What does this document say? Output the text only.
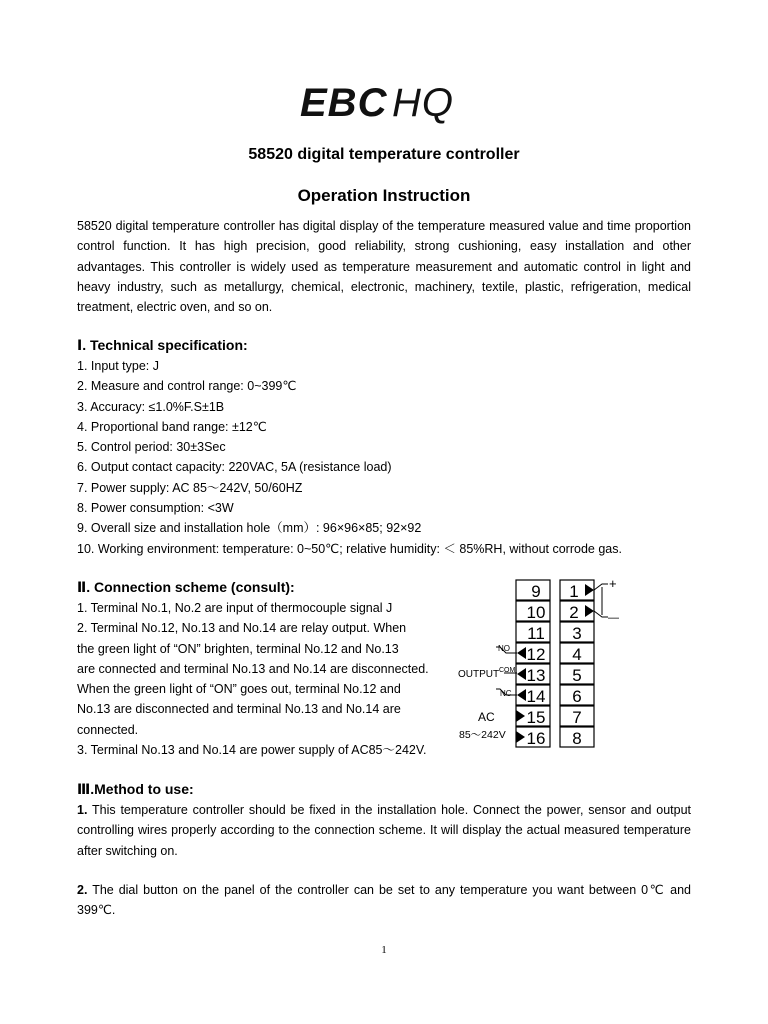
EBC HQ
58520 digital temperature controller
Operation Instruction
58520 digital temperature controller has digital display of the temperature measured value and time proportion control function. It has high precision, good reliability, strong cushioning, easy installation and other advantages. This controller is widely used as temperature measurement and automatic control in light and heavy industry, such as metallurgy, chemical, electronic, machinery, textile, plastic, refrigeration, medical treatment, electric oven, and so on.
Ⅰ. Technical specification:
1. Input type: J
2. Measure and control range: 0~399℃
3. Accuracy: ≤1.0%F.S±1B
4. Proportional band range: ±12℃
5. Control period: 30±3Sec
6. Output contact capacity: 220VAC, 5A (resistance load)
7. Power supply: AC 85～242V, 50/60HZ
8. Power consumption: <3W
9. Overall size and installation hole（mm）: 96×96×85; 92×92
10. Working environment: temperature: 0~50℃; relative humidity: ＜ 85%RH, without corrode gas.
Ⅱ. Connection scheme (consult):
1. Terminal No.1, No.2 are input of thermocouple signal J
2. Terminal No.12, No.13 and No.14 are relay output. When
the green light of “ON” brighten, terminal No.12 and No.13
are connected and terminal No.13 and No.14 are disconnected.
When the green light of “ON” goes out, terminal No.12 and
No.13 are disconnected and terminal No.13 and No.14 are
connected.
3. Terminal No.13 and No.14 are power supply of AC85～242V.
9
10
11
12
13
14
15
16
1
2
3
4
5
6
7
8
+
—
NO
OUTPUT COM
NC
AC
85～242V
Ⅲ.Method to use:
1. This temperature controller should be fixed in the installation hole. Connect the power, sensor and output controlling wires properly according to the connection scheme. It will display the actual measured temperature after switching on.
2. The dial button on the panel of the controller can be set to any temperature you want between 0℃ and 399℃.
1
